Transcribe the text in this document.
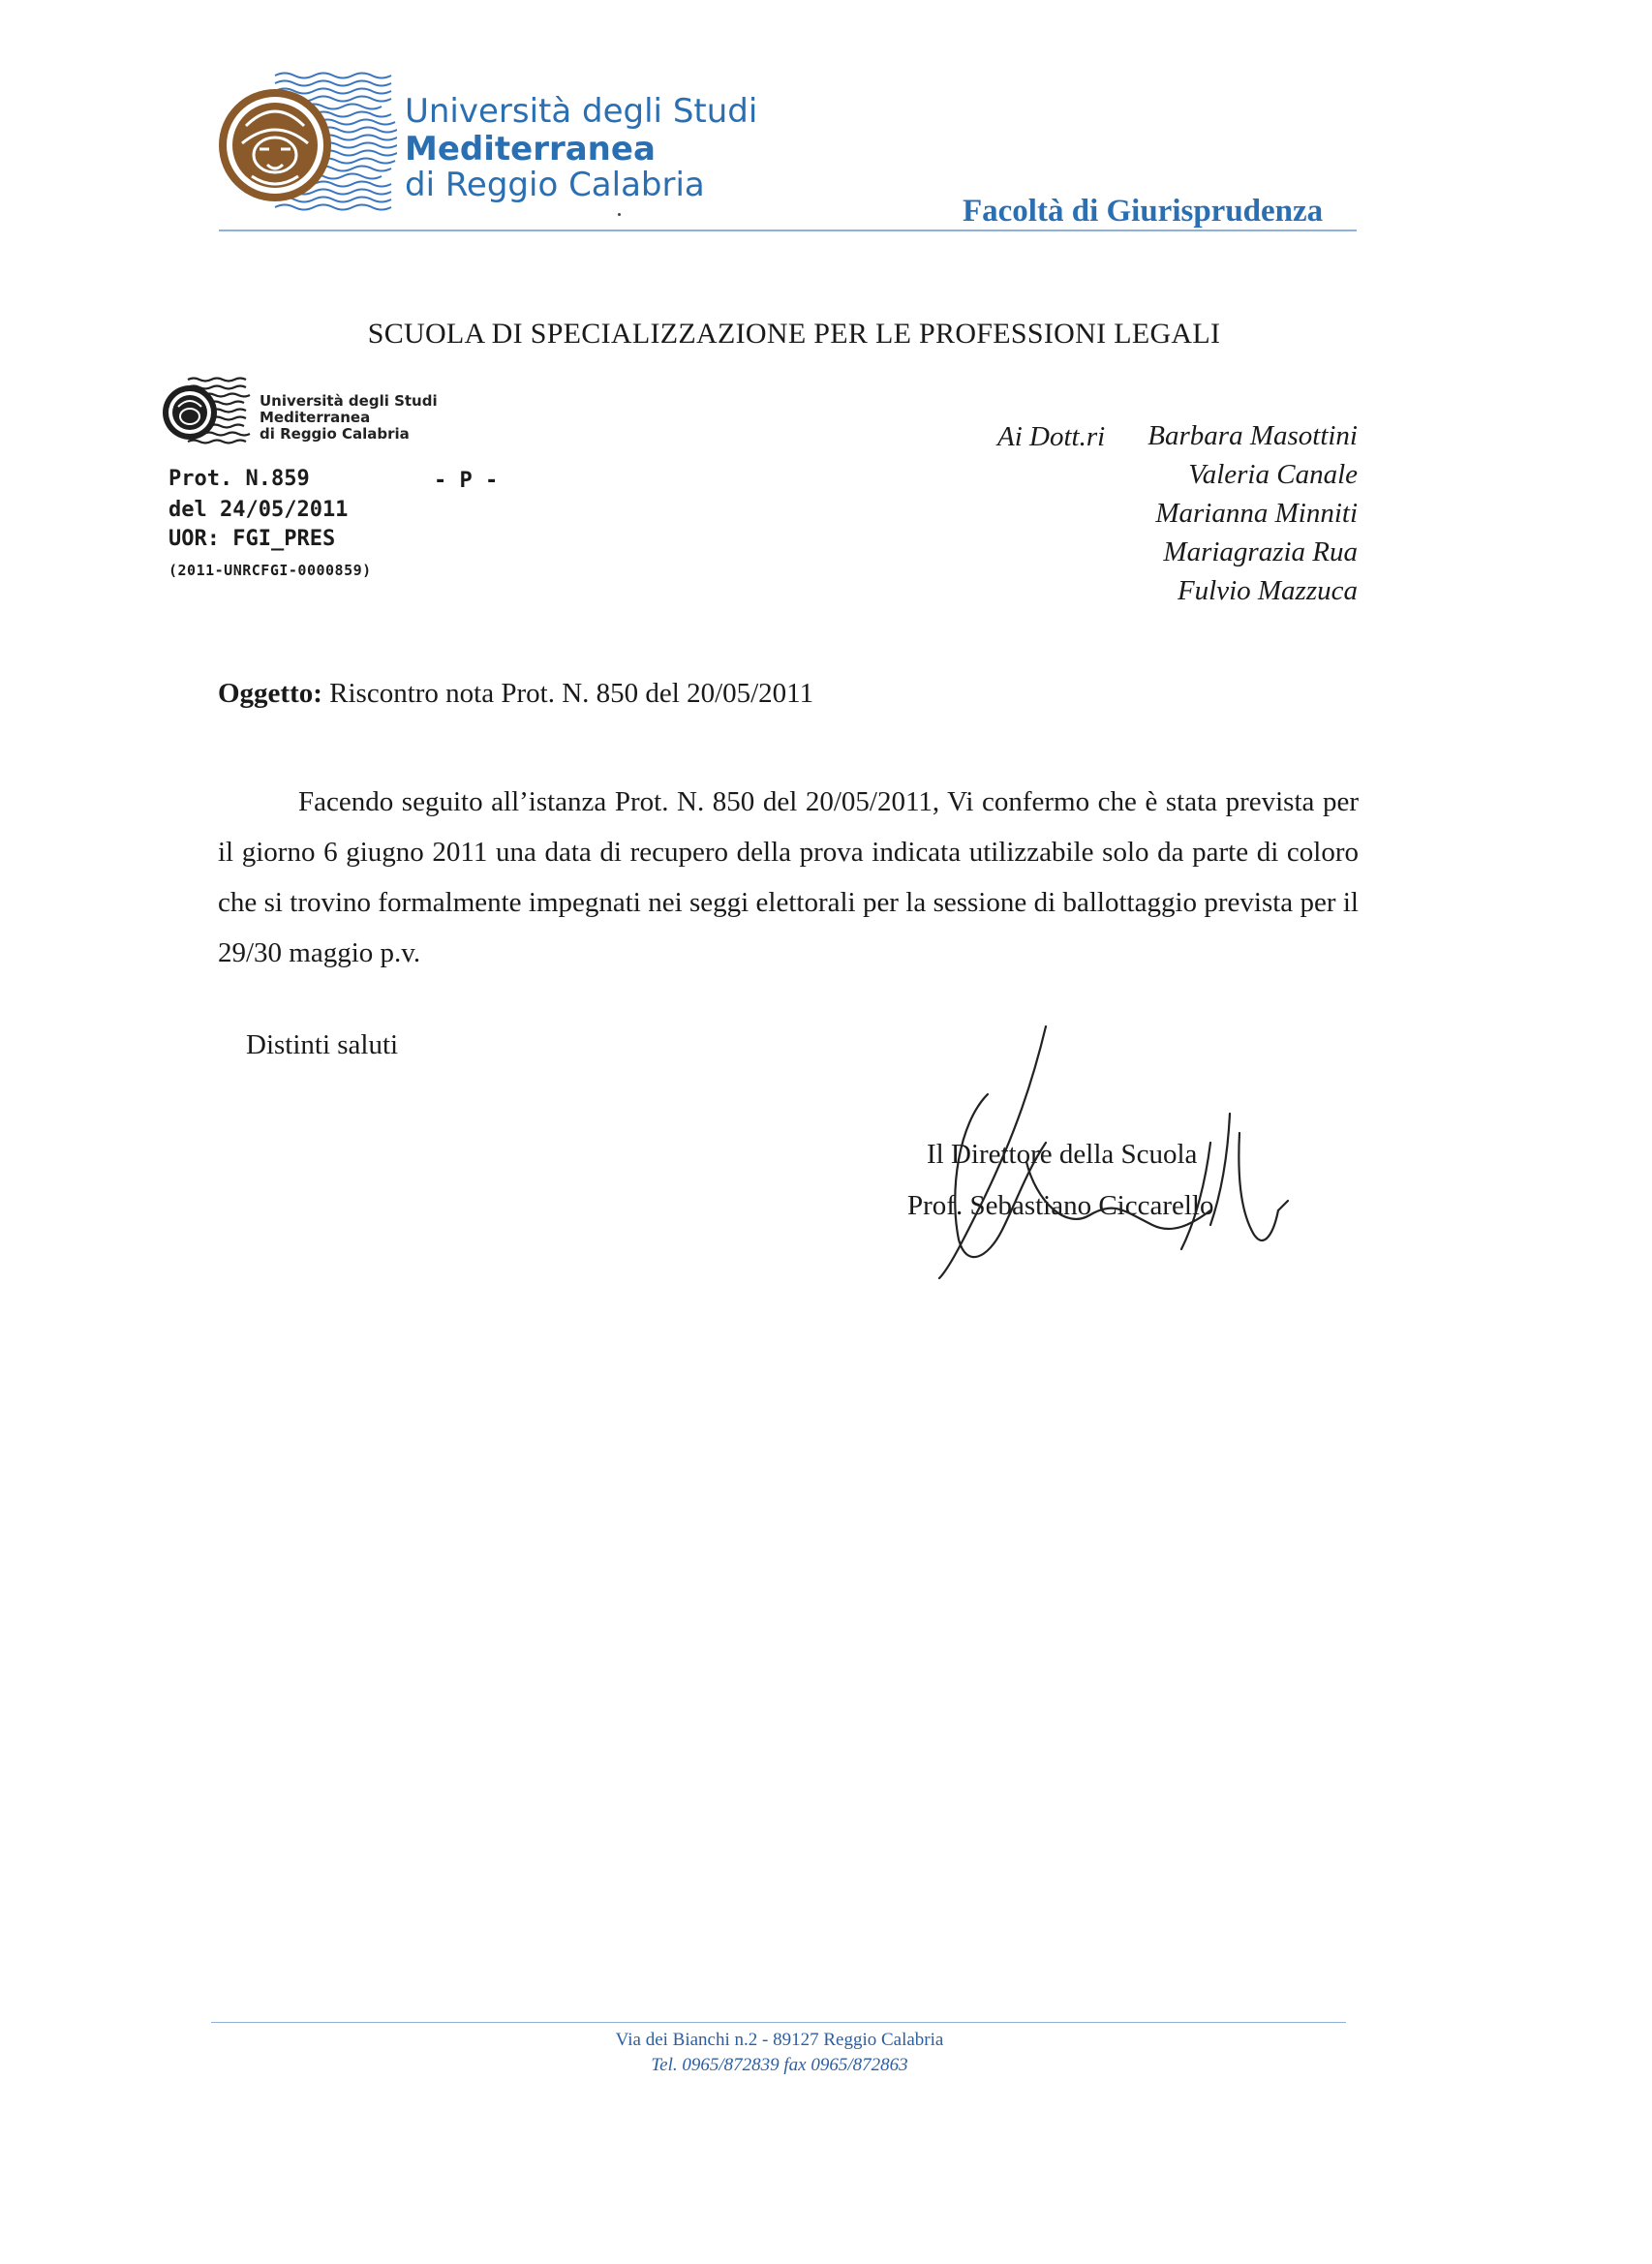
Università degli Studi
Mediterranea
di Reggio Calabria
Facoltà di Giurisprudenza
SCUOLA DI SPECIALIZZAZIONE PER LE PROFESSIONI LEGALI
Università degli Studi
Mediterranea
di Reggio Calabria
Prot. N.859	- P -
del 24/05/2011
UOR: FGI_PRES
(2011-UNRCFGI-0000859)
Ai Dott.ri	Barbara Masottini
Valeria Canale
Marianna Minniti
Mariagrazia Rua
Fulvio Mazzuca
Oggetto: Riscontro nota Prot. N. 850 del 20/05/2011
Facendo seguito all’istanza Prot. N. 850 del 20/05/2011, Vi confermo che è stata prevista per il giorno 6 giugno 2011 una data di recupero della prova indicata utilizzabile solo da parte di coloro che si trovino formalmente impegnati nei seggi elettorali per la sessione di ballottaggio prevista per il 29/30 maggio p.v.
Distinti saluti
Il Direttore della Scuola
Prof. Sebastiano Ciccarello
Via dei Bianchi n.2 - 89127 Reggio Calabria
Tel. 0965/872839 fax 0965/872863
